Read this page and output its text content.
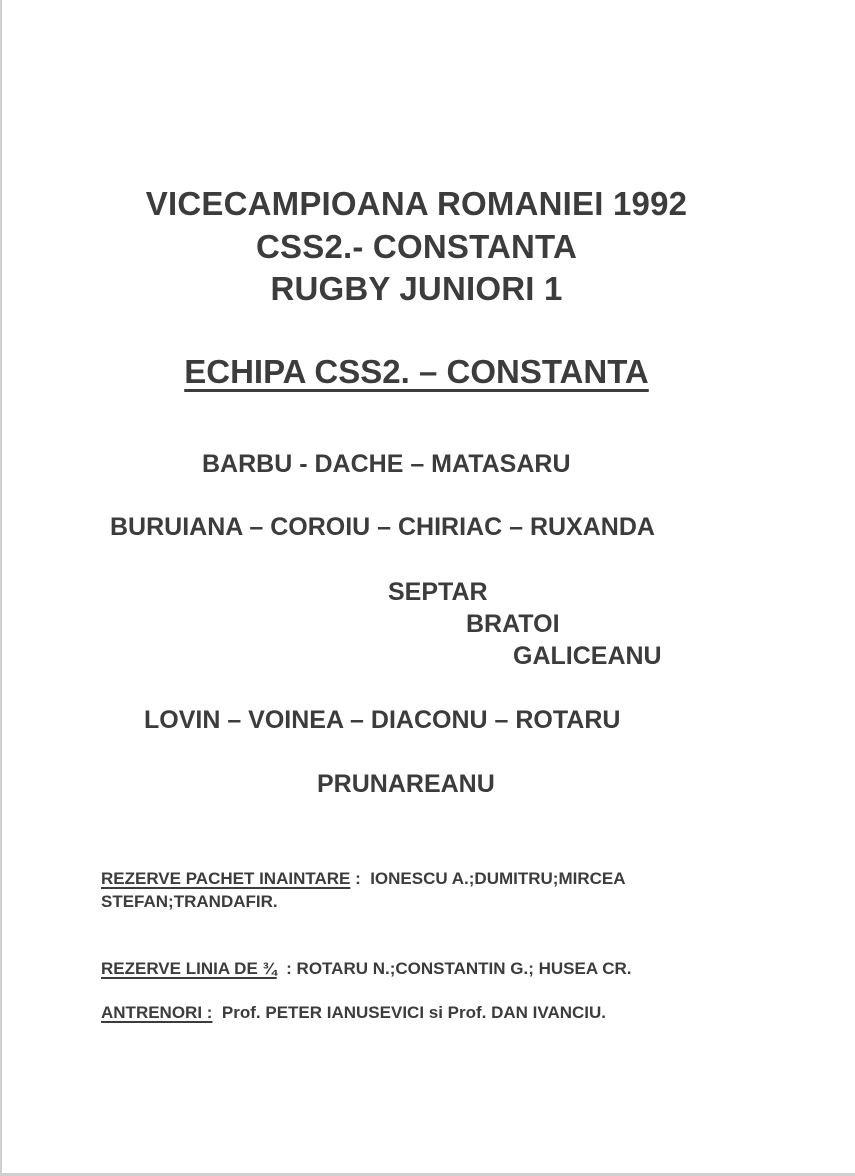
VICECAMPIOANA ROMANIEI 1992
CSS2.- CONSTANTA
RUGBY JUNIORI 1
ECHIPA CSS2. – CONSTANTA
BARBU - DACHE – MATASARU
BURUIANA – COROIU – CHIRIAC – RUXANDA
SEPTAR
BRATOI
GALICEANU
LOVIN – VOINEA – DIACONU – ROTARU
PRUNAREANU
REZERVE PACHET INAINTARE :  IONESCU A.;DUMITRU;MIRCEA
STEFAN;TRANDAFIR.
REZERVE LINIA DE ¾  : ROTARU N.;CONSTANTIN G.; HUSEA CR.
ANTRENORI : Prof. PETER IANUSEVICI si Prof. DAN IVANCIU.
